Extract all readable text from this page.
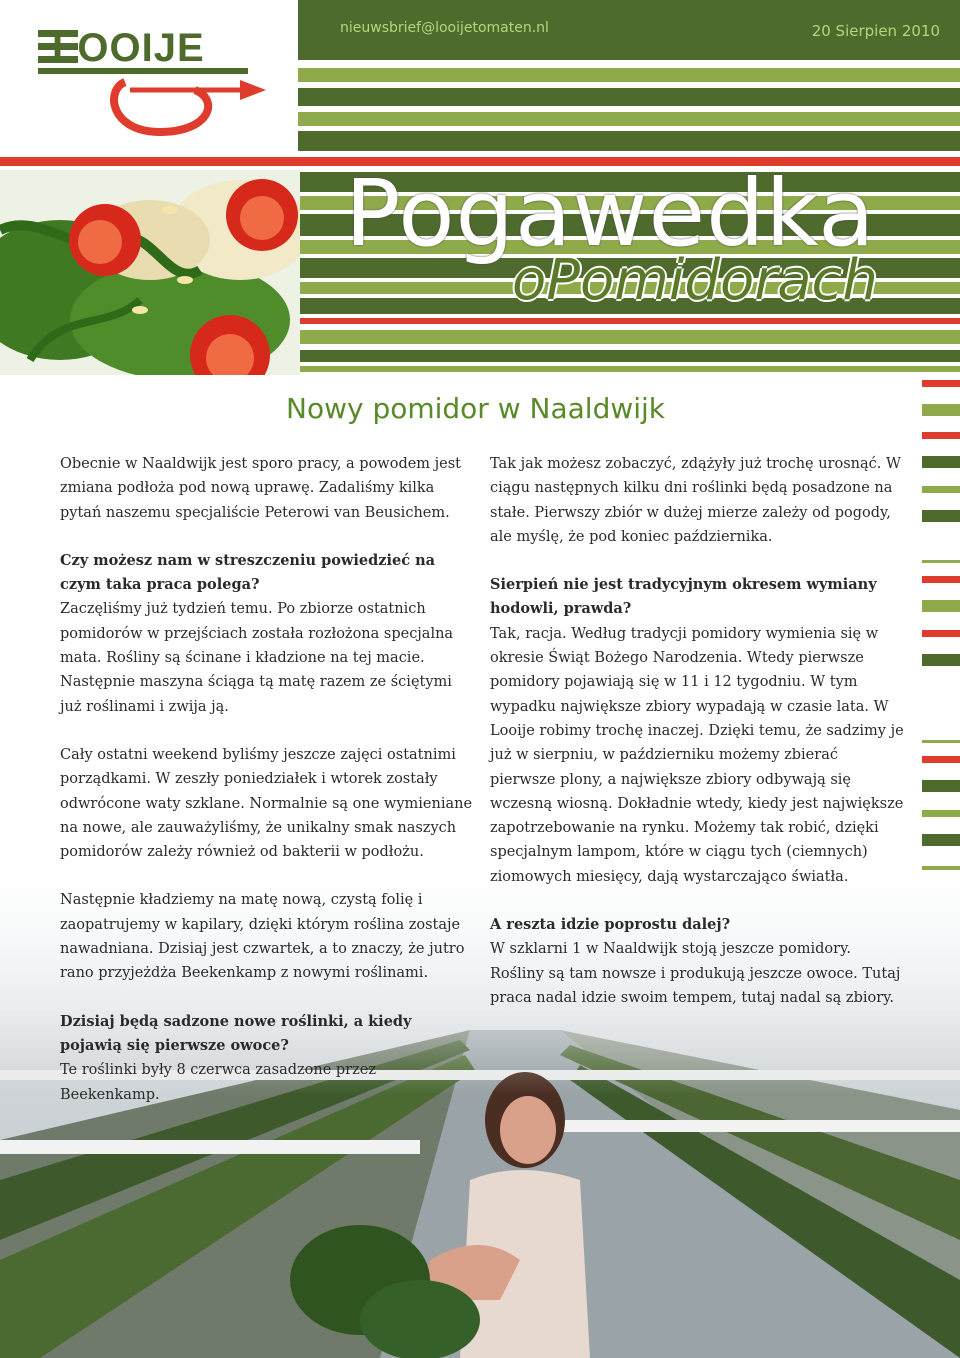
LOOIJE	nieuwsbrief@looijetomaten.nl	20 Sierpien 2010
Pogawedka
oPomidorach
Nowy pomidor w Naaldwijk

Obecnie w Naaldwijk jest sporo pracy, a powodem jest zmiana podłoża pod nową uprawę. Zadaliśmy kilka pytań naszemu specjaliście Peterowi van Beusichem.

Czy możesz nam w streszczeniu powiedzieć na czym taka praca polega?
Zaczęliśmy już tydzień temu. Po zbiorze ostatnich pomidorów w przejściach została rozłożona specjalna mata. Rośliny są ścinane i kładzione na tej macie. Następnie maszyna ściąga tą matę razem ze ściętymi już roślinami i zwija ją.

Cały ostatni weekend byliśmy jeszcze zajęci ostatnimi porządkami. W zeszły poniedziałek i wtorek zostały odwrócone waty szklane. Normalnie są one wymieniane na nowe, ale zauważyliśmy, że unikalny smak naszych pomidorów zależy również od bakterii w podłożu.

Następnie kładziemy na matę nową, czystą folię i zaopatrujemy w kapilary, dzięki którym roślina zostaje nawadniana. Dzisiaj jest czwartek, a to znaczy, że jutro rano przyjeżdża Beekenkamp z nowymi roślinami.

Dzisiaj będą sadzone nowe roślinki, a kiedy pojawią się pierwsze owoce?
Te roślinki były 8 czerwca zasadzone przez Beekenkamp.

Tak jak możesz zobaczyć, zdążyły już trochę urosnąć. W ciągu następnych kilku dni roślinki będą posadzone na stałe. Pierwszy zbiór w dużej mierze zależy od pogody, ale myślę, że pod koniec października.

Sierpień nie jest tradycyjnym okresem wymiany hodowli, prawda?
Tak, racja. Według tradycji pomidory wymienia się w okresie Świąt Bożego Narodzenia. Wtedy pierwsze pomidory pojawiają się w 11 i 12 tygodniu. W tym wypadku największe zbiory wypadają w czasie lata. W Looije robimy trochę inaczej. Dzięki temu, że sadzimy je już w sierpniu, w październiku możemy zbierać pierwsze plony, a największe zbiory odbywają się wczesną wiosną. Dokładnie wtedy, kiedy jest największe zapotrzebowanie na rynku. Możemy tak robić, dzięki specjalnym lampom, które w ciągu tych (ciemnych) ziomowych miesięcy, dają wystarczająco światła.

A reszta idzie poprostu dalej?
W szklarni 1 w Naaldwijk stoją jeszcze pomidory. Rośliny są tam nowsze i produkują jeszcze owoce. Tutaj praca nadal idzie swoim tempem, tutaj nadal są zbiory.
